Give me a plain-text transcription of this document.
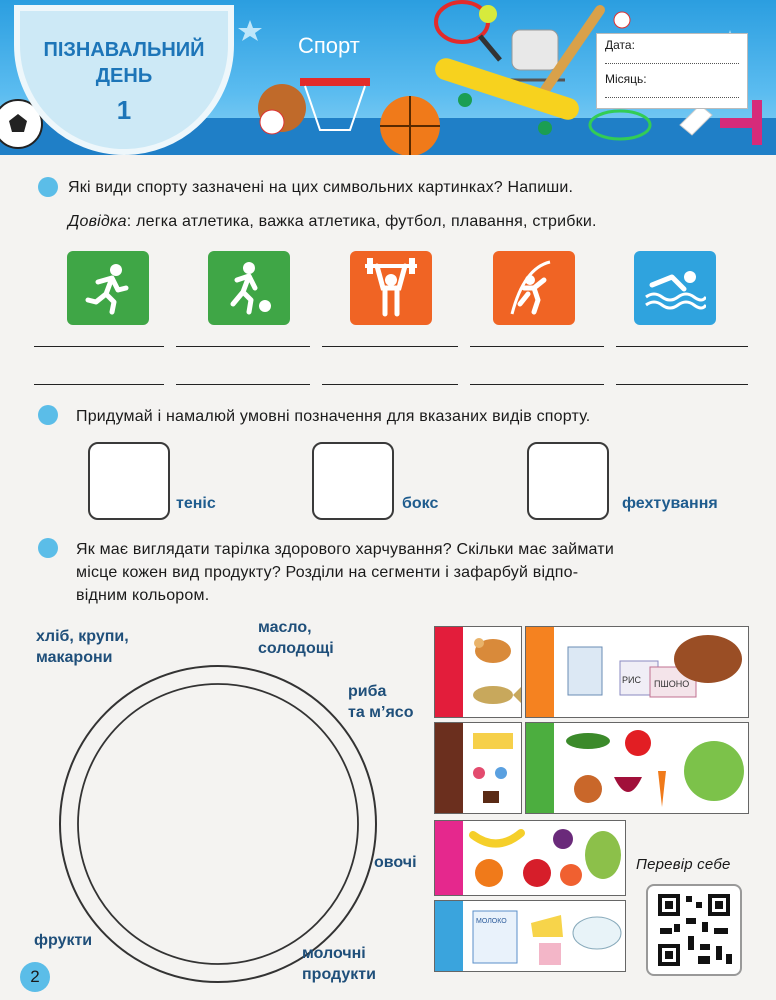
Спорт
ПІЗНАВАЛЬНИЙ
ДЕНЬ
1
Дата:
Місяць:
Які види спорту зазначені на цих символьних картинках? Напиши.
Довідка: легка атлетика, важка атлетика, футбол, плавання, стрибки.
Придумай і намалюй умовні позначення для вказаних видів спорту.
теніс	бокс	фехтування
Як має виглядати тарілка здорового харчування? Скільки має займати
місце кожен вид продукту? Розділи на сегменти і зафарбуй відпо-
відним кольором.
хліб, крупи,
макарони
масло,
солодощі
риба
та м’ясо
овочі
фрукти
молочні
продукти
РИС ПШОНО
МОЛОКО
Перевір себе
2
